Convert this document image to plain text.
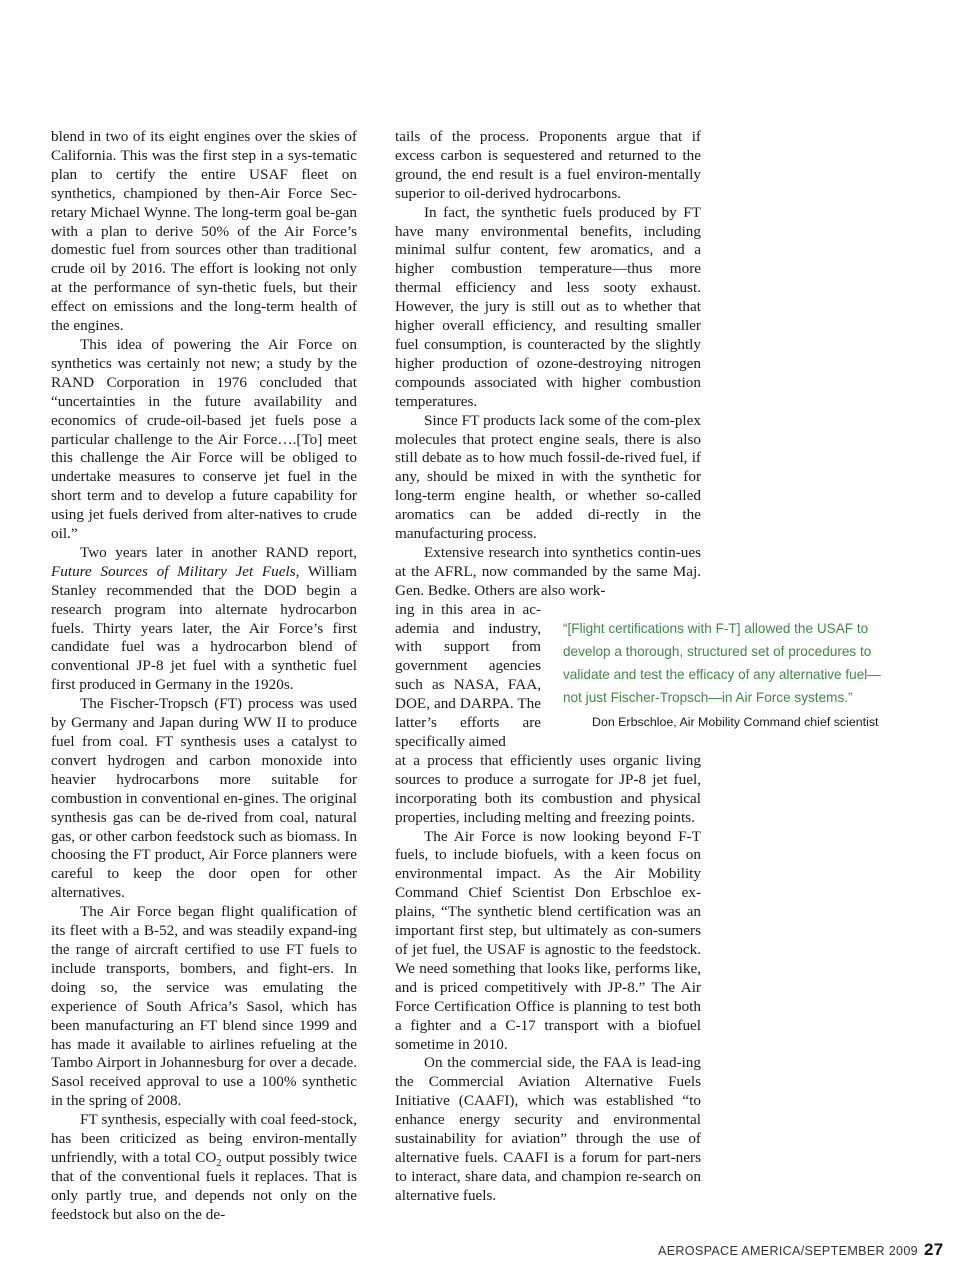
blend in two of its eight engines over the skies of California. This was the first step in a sys-tematic plan to certify the entire USAF fleet on synthetics, championed by then-Air Force Sec-retary Michael Wynne. The long-term goal be-gan with a plan to derive 50% of the Air Force’s domestic fuel from sources other than traditional crude oil by 2016. The effort is looking not only at the performance of syn-thetic fuels, but their effect on emissions and the long-term health of the engines.

This idea of powering the Air Force on synthetics was certainly not new; a study by the RAND Corporation in 1976 concluded that “uncertainties in the future availability and economics of crude-oil-based jet fuels pose a particular challenge to the Air Force….[To] meet this challenge the Air Force will be obliged to undertake measures to conserve jet fuel in the short term and to develop a future capability for using jet fuels derived from alter-natives to crude oil.”

Two years later in another RAND report, Future Sources of Military Jet Fuels, William Stanley recommended that the DOD begin a research program into alternate hydrocarbon fuels. Thirty years later, the Air Force’s first candidate fuel was a hydrocarbon blend of conventional JP-8 jet fuel with a synthetic fuel first produced in Germany in the 1920s.

The Fischer-Tropsch (FT) process was used by Germany and Japan during WW II to produce fuel from coal. FT synthesis uses a catalyst to convert hydrogen and carbon monoxide into heavier hydrocarbons more suitable for combustion in conventional en-gines. The original synthesis gas can be de-rived from coal, natural gas, or other carbon feedstock such as biomass. In choosing the FT product, Air Force planners were careful to keep the door open for other alternatives.

The Air Force began flight qualification of its fleet with a B-52, and was steadily expand-ing the range of aircraft certified to use FT fuels to include transports, bombers, and fight-ers. In doing so, the service was emulating the experience of South Africa’s Sasol, which has been manufacturing an FT blend since 1999 and has made it available to airlines refueling at the Tambo Airport in Johannesburg for over a decade. Sasol received approval to use a 100% synthetic in the spring of 2008.

FT synthesis, especially with coal feed-stock, has been criticized as being environ-mentally unfriendly, with a total $CO_2$ output possibly twice that of the conventional fuels it replaces. That is only partly true, and depends not only on the feedstock but also on the de-

tails of the process. Proponents argue that if excess carbon is sequestered and returned to the ground, the end result is a fuel environ-mentally superior to oil-derived hydrocarbons.

In fact, the synthetic fuels produced by FT have many environmental benefits, including minimal sulfur content, few aromatics, and a higher combustion temperature—thus more thermal efficiency and less sooty exhaust. However, the jury is still out as to whether that higher overall efficiency, and resulting smaller fuel consumption, is counteracted by the slightly higher production of ozone-destroying nitrogen compounds associated with higher combustion temperatures.

Since FT products lack some of the com-plex molecules that protect engine seals, there is also still debate as to how much fossil-de-rived fuel, if any, should be mixed in with the synthetic for long-term engine health, or whether so-called aromatics can be added di-rectly in the manufacturing process.

Extensive research into synthetics contin-ues at the AFRL, now commanded by the same Maj. Gen. Bedke. Others are also work-

ing in this area in ac-ademia and industry, with support from government agencies such as NASA, FAA, DOE, and DARPA. The latter’s efforts are specifically aimed

at a process that efficiently uses organic living sources to produce a surrogate for JP-8 jet fuel, incorporating both its combustion and physical properties, including melting and freezing points.

The Air Force is now looking beyond F-T fuels, to include biofuels, with a keen focus on environmental impact. As the Air Mobility Command Chief Scientist Don Erbschloe ex-plains, “The synthetic blend certification was an important first step, but ultimately as con-sumers of jet fuel, the USAF is agnostic to the feedstock. We need something that looks like, performs like, and is priced competitively with JP-8.” The Air Force Certification Office is planning to test both a fighter and a C-17 transport with a biofuel sometime in 2010.

On the commercial side, the FAA is lead-ing the Commercial Aviation Alternative Fuels Initiative (CAAFI), which was established “to enhance energy security and environmental sustainability for aviation” through the use of alternative fuels. CAAFI is a forum for part-ners to interact, share data, and champion re-search on alternative fuels.

“[Flight certifications with F-T] allowed the USAF to
develop a thorough, structured set of procedures to
validate and test the efficacy of any alternative fuel—
not just Fischer-Tropsch—in Air Force systems.”
Don Erbschloe, Air Mobility Command chief scientist
AEROSPACE AMERICA/SEPTEMBER 2009 27
